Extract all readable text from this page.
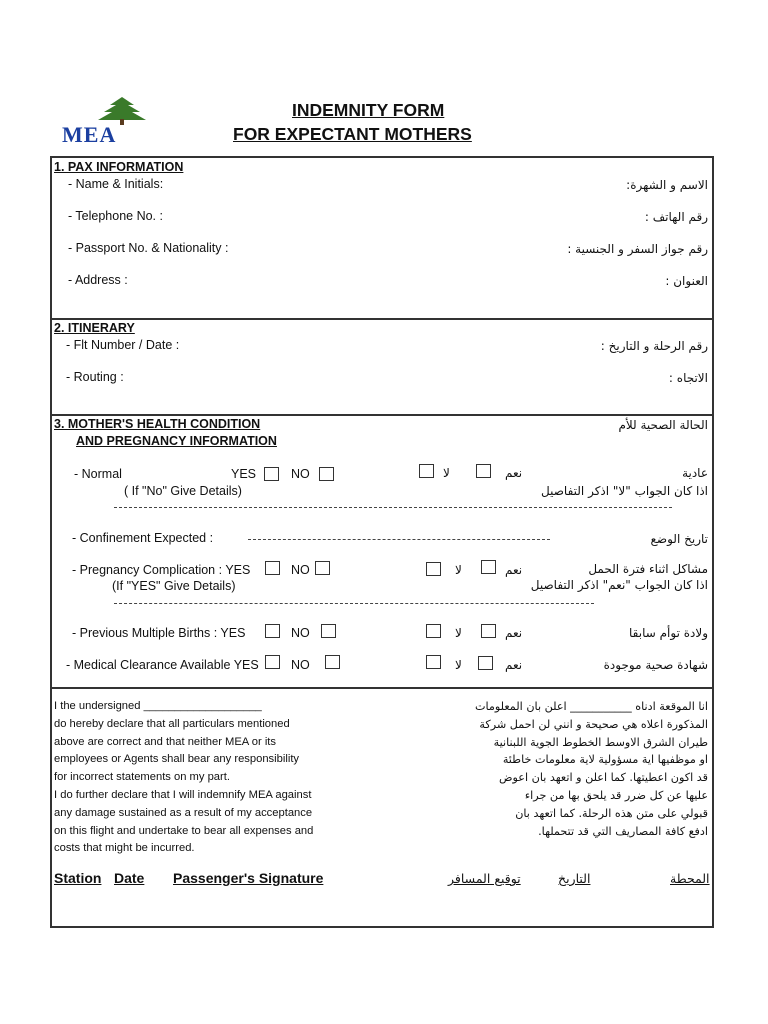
MEA
INDEMNITY FORM
FOR EXPECTANT MOTHERS
1. PAX INFORMATION
- Name & Initials:	الاسم و الشهرة:
- Telephone No. :	رقم الهاتف :
- Passport No. & Nationality :	رقم جواز السفر و الجنسية :
- Address :	العنوان :
2. ITINERARY
- Flt Number / Date :	رقم الرحلة و التاريخ :
- Routing :	الاتجاه :
3. MOTHER'S HEALTH CONDITION
AND PREGNANCY INFORMATION
الحالة الصحية للأم
- Normal	YES	NO	لا	نعم	عادية
( If "No" Give Details)	اذا كان الجواب "لا" اذكر التفاصيل
- Confinement Expected :	تاريخ الوضع
- Pregnancy Complication : YES	NO	لا	نعم	مشاكل اثناء فترة الحمل
(If "YES" Give Details)	اذا كان الجواب "نعم" اذكر التفاصيل
- Previous Multiple Births : YES	NO	لا	نعم	ولادة توأم سابقا
- Medical Clearance Available YES	NO	لا	نعم	شهادة صحية موجودة
I the undersigned ___________________
do hereby declare that all particulars mentioned
above are correct and that neither MEA or its
employees or Agents shall bear any responsibility
for incorrect statements on my part.
I do further declare that I will indemnify MEA against
any damage sustained as a result of my acceptance
on this flight and undertake to bear all expenses and
costs that might be incurred.
انا الموقعة ادناه ___________ اعلن بان المعلومات
المذكورة اعلاه هي صحيحة و انني لن احمل شركة
طيران الشرق الاوسط الخطوط الجوية اللبنانية
او موظفيها اية مسؤولية لاية معلومات خاطئة
قد اكون اعطيتها. كما اعلن و اتعهد بان اعوض
عليها عن كل ضرر قد يلحق بها من جراء
قبولي على متن هذه الرحلة. كما اتعهد بان
ادفع كافة المصاريف التي قد تتحملها.
Station Date Passenger's Signature	توقيع المسافر	التاريخ	المحطة
